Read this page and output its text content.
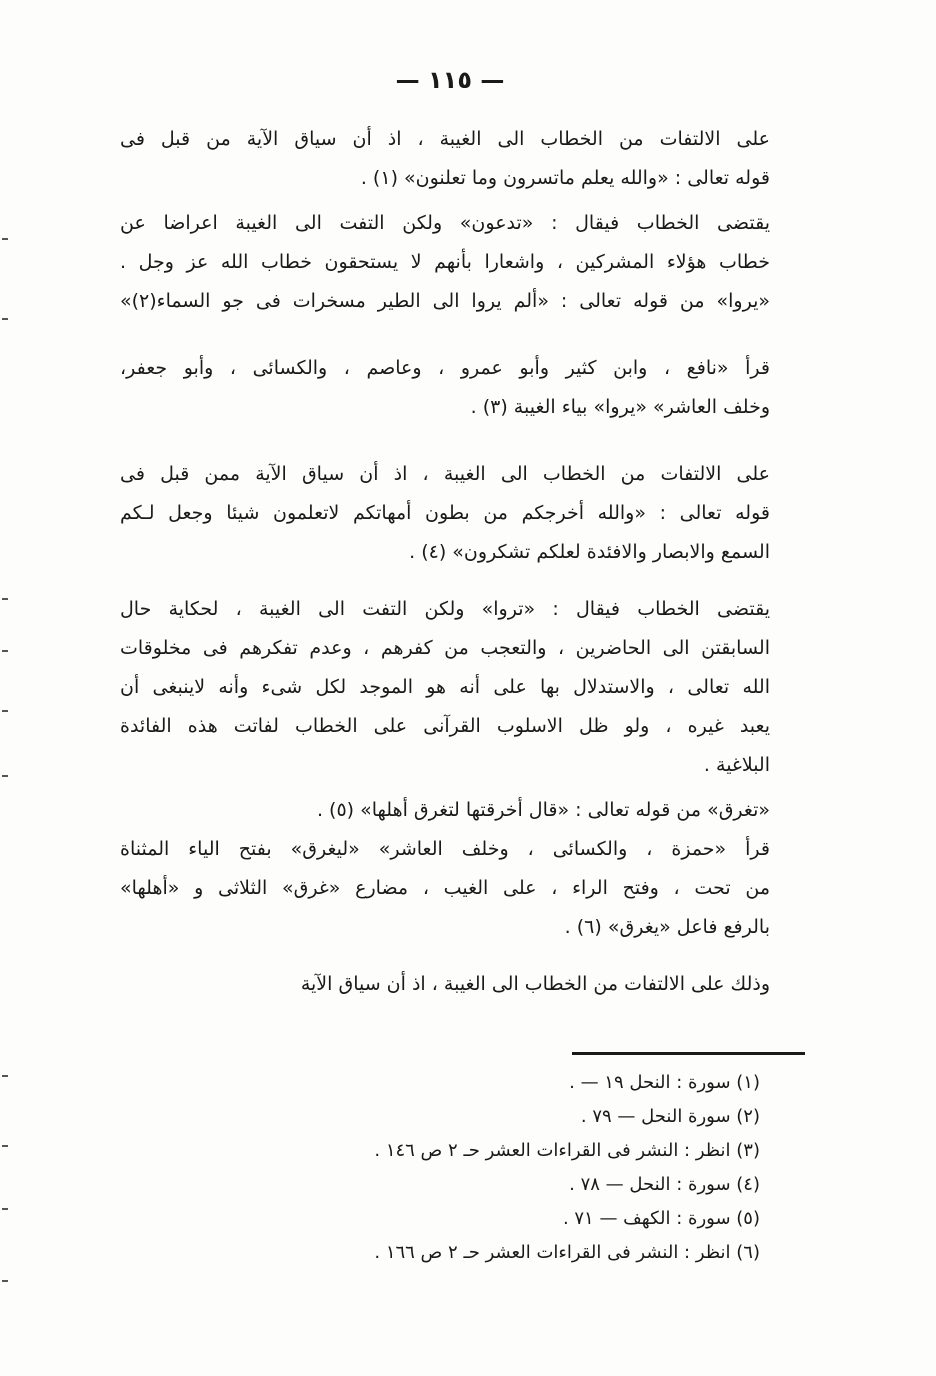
— ١١٥ —

على الالتفات من الخطاب الى الغيبة ، اذ أن سياق الآية من قبل فى
قوله تعالى : «والله يعلم ماتسرون وما تعلنون» (١) .

يقتضى الخطاب فيقال : «تدعون» ولكن التفت الى الغيبة اعراضا عن
خطاب هؤلاء المشركين ، واشعارا بأنهم لا يستحقون خطاب الله عز وجل .

«يروا» من قوله تعالى : «ألم يروا الى الطير مسخرات فى جو السماء(٢)»

قرأ «نافع ، وابن كثير وأبو عمرو ، وعاصم ، والكسائى ، وأبو جعفر،
وخلف العاشر» «يروا» بياء الغيبة (٣) .

على الالتفات من الخطاب الى الغيبة ، اذ أن سياق الآية ممن قبل فى
قوله تعالى : «والله أخرجكم من بطون أمهاتكم لاتعلمون شيئا وجعل لـكم
السمع والابصار والافئدة لعلكم تشكرون» (٤) .

يقتضى الخطاب فيقال : «تروا» ولكن التفت الى الغيبة ، لحكاية حال
السابقتن الى الحاضرين ، والتعجب من كفرهم ، وعدم تفكرهم فى مخلوقات
الله تعالى ، والاستدلال بها على أنه هو الموجد لكل شىء وأنه لاينبغى أن
يعبد غيره ، ولو ظل الاسلوب القرآنى على الخطاب لفاتت هذه الفائدة
البلاغية .

«تغرق» من قوله تعالى : «قال أخرقتها لتغرق أهلها» (٥) .

قرأ «حمزة ، والكسائى ، وخلف العاشر» «ليغرق» بفتح الياء المثناة
من تحت ، وفتح الراء ، على الغيب ، مضارع «غرق» الثلاثى و «أهلها»
بالرفع فاعل «يغرق» (٦) .

وذلك على الالتفات من الخطاب الى الغيبة ، اذ أن سياق الآية

(١) سورة : النحل ١٩ — .
(٢) سورة النحل — ٧٩ .
(٣) انظر : النشر فى القراءات العشر حـ ٢ ص ١٤٦ .
(٤) سورة : النحل — ٧٨ .
(٥) سورة : الكهف — ٧١ .
(٦) انظر : النشر فى القراءات العشر حـ ٢ ص ١٦٦ .
